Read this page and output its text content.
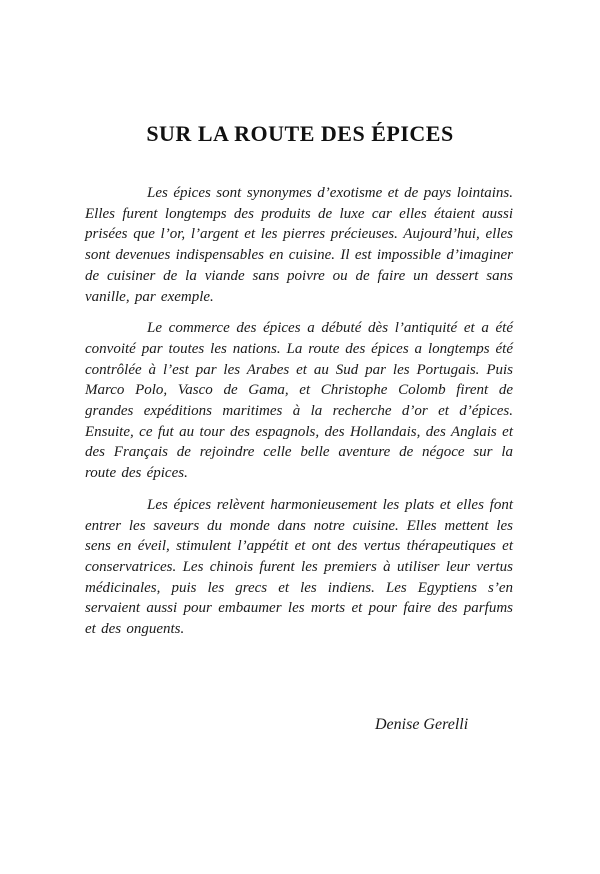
SUR LA ROUTE DES ÉPICES

Les épices sont synonymes d’exotisme et de pays lointains. Elles furent longtemps des produits de luxe car elles étaient aussi prisées que l’or, l’argent et les pierres précieuses. Aujourd’hui, elles sont devenues indispensables en cuisine. Il est impossible d’imaginer de cuisiner de la viande sans poivre ou de faire un dessert sans vanille, par exemple.

Le commerce des épices a débuté dès l’antiquité et a été convoité par toutes les nations. La route des épices a longtemps été contrôlée à l’est par les Arabes et au Sud par les Portugais. Puis Marco Polo, Vasco de Gama, et Christophe Colomb firent de grandes expéditions maritimes à la recherche d’or et d’épices. Ensuite, ce fut au tour des espagnols, des Hollandais, des Anglais et des Français de rejoindre celle belle aventure de négoce sur la route des épices.

Les épices relèvent harmonieusement les plats et elles font entrer les saveurs du monde dans notre cuisine. Elles mettent les sens en éveil, stimulent l’appétit et ont des vertus thérapeutiques et conservatrices. Les chinois furent les premiers à utiliser leur vertus médicinales, puis les grecs et les indiens. Les Egyptiens s’en servaient aussi pour embaumer les morts et pour faire des parfums et des onguents.

Denise Gerelli
